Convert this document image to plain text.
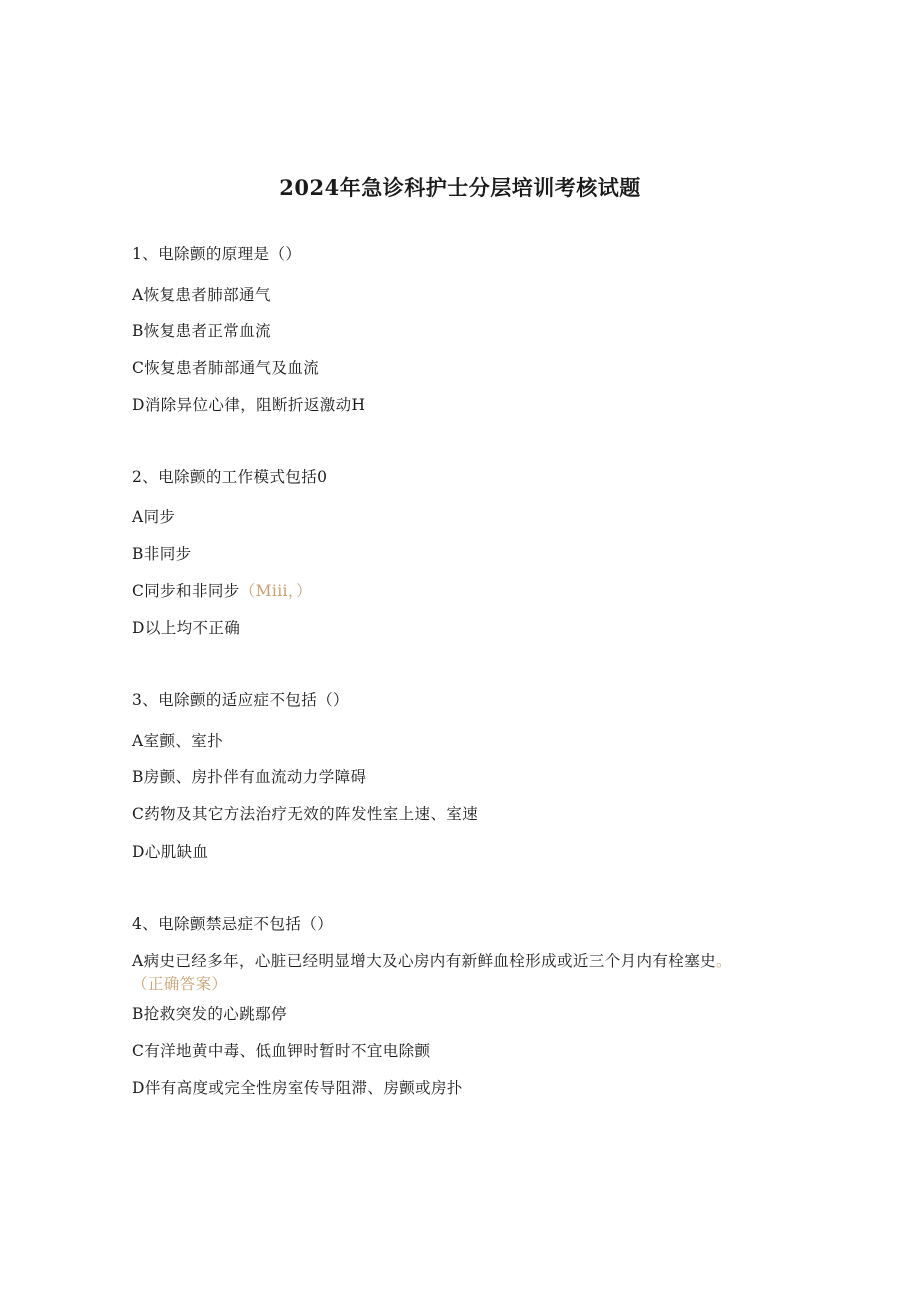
2024年急诊科护士分层培训考核试题
1、电除颤的原理是（）
A恢复患者肺部通气
B恢复患者正常血流
C恢复患者肺部通气及血流
D消除异位心律，阻断折返激动H
2、电除颤的工作模式包括0
A同步
B非同步
C同步和非同步（Miii，）
D以上均不正确
3、电除颤的适应症不包括（）
A室颤、室扑
B房颤、房扑伴有血流动力学障碍
C药物及其它方法治疗无效的阵发性室上速、室速
D心肌缺血
4、电除颤禁忌症不包括（）
A病史已经多年，心脏已经明显增大及心房内有新鲜血栓形成或近三个月内有栓塞史。
（正确答案）
B抢救突发的心跳鄢停
C有洋地黄中毒、低血钾时暂时不宜电除颤
D伴有高度或完全性房室传导阻滞、房颤或房扑
